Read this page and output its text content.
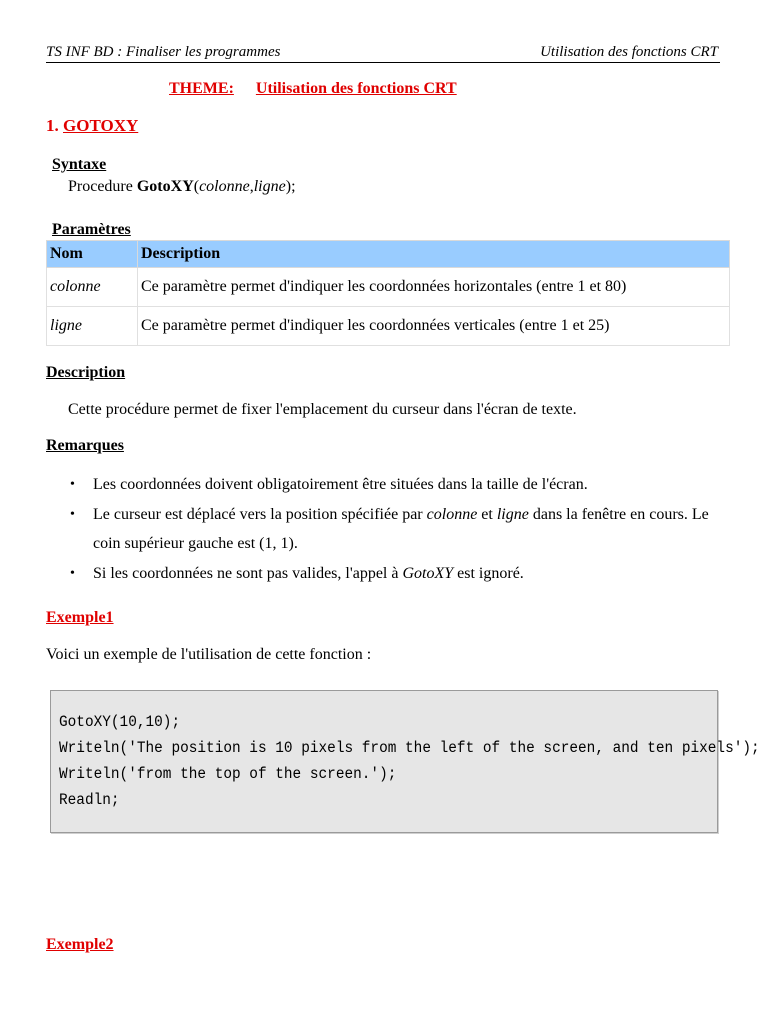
TS INF BD : Finaliser les programmes	Utilisation des fonctions CRT
THEME: Utilisation des fonctions CRT
1. GOTOXY
Syntaxe
Procedure GotoXY(colonne,ligne);
Paramètres
Nom	Description
colonne	Ce paramètre permet d'indiquer les coordonnées horizontales (entre 1 et 80)
ligne	Ce paramètre permet d'indiquer les coordonnées verticales (entre 1 et 25)
Description
Cette procédure permet de fixer l'emplacement du curseur dans l'écran de texte.
Remarques
• Les coordonnées doivent obligatoirement être situées dans la taille de l'écran.
• Le curseur est déplacé vers la position spécifiée par colonne et ligne dans la fenêtre en cours. Le coin supérieur gauche est (1, 1).
• Si les coordonnées ne sont pas valides, l'appel à GotoXY est ignoré.
Exemple1
Voici un exemple de l'utilisation de cette fonction :
GotoXY(10,10);
Writeln('The position is 10 pixels from the left of the screen, and ten pixels');
Writeln('from the top of the screen.');
Readln;
Exemple2
